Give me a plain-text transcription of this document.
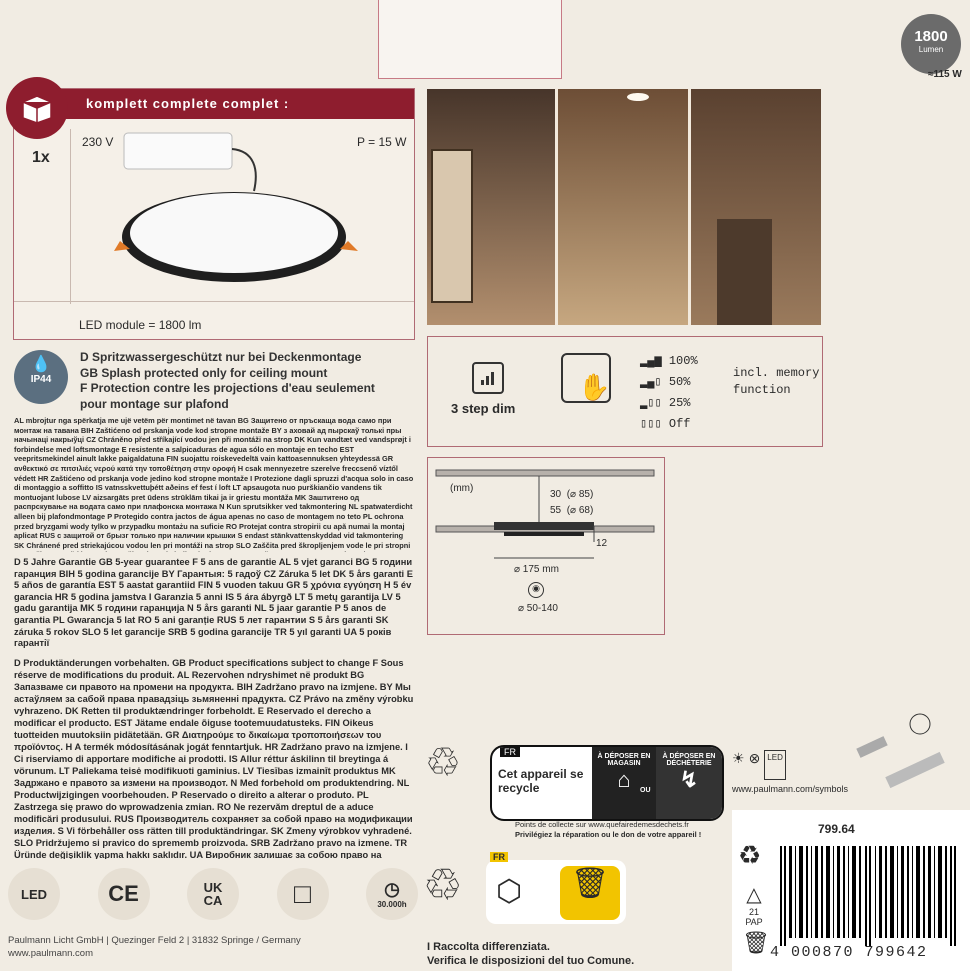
1800
Lumen
≈115 W
komplett complete complet :
1x
230 V	P = 15 W
LED module = 1800 lm
💧
IP44
D Spritzwassergeschützt nur bei Deckenmontage
GB Splash protected only for ceiling mount
F Protection contre les projections d'eau seulement
pour montage sur plafond
AL mbrojtur nga spërkatja me ujë vetëm për montimet në tavan BG Защитено от пръскаща вода само при монтаж на тавана BIH Zaštićeno od prskanja vode kod stropne montaže BY з аховай ад пырскаў толькі пры начынаці накрыўці CZ Chráněno před stříkající vodou jen při montáži na strop DK Kun vandtæt ved vandsprøjt i forbindelse med loftsmontage E resistente a salpicaduras de agua sólo en montaje en techo EST veepritsmekindel ainult lakke paigaldatuna FIN suojattu roiskevedeltä vain kattoasennuksen yhteydessä GR ανθεκτικό σε πιτσιλιές νερού κατά την τοποθέτηση στην οροφή H csak mennyezetre szerelve freccsenő víztől védett HR Zaštićeno od prskanja vode jedino kod stropne montaže I Protezione dagli spruzzi d'acqua solo in caso di montaggio a soffitto IS vatnsskvettuþétt aðeins ef fest í loft LT apsaugota nuo purškiančio vandens tik montuojant lubose LV aizsargāts pret ūdens strūklām tikai ja ir griestu montāža MK Заштитено од распрскување на водата само при плафонска монтажа N Kun sprutsikker ved takmontering NL spatwaterdicht alleen bij plafondmontage P Protegido contra jactos de água apenas no caso de montagem no teto PL ochrona przed bryzgami wody tylko w przypadku montażu na suficie RO Protejat contra stropirii cu apă numai la montaj aplicat RUS с защитой от брызг только при наличии крышки S endast stänkvattenskyddad vid takmontering SK Chránené pred striekajúcou vodou len pri montáži na strop SLO Zaščita pred škropljenjem vode le pri stropni
D 5 Jahre Garantie GB 5-year guarantee F 5 ans de garantie AL 5 vjet garanci BG 5 години гаранция BIH 5 godina garancije BY Гарантыя: 5 гадоў CZ Záruka 5 let DK 5 års garanti E 5 años de garantía EST 5 aastat garantiid FIN 5 vuoden takuu GR 5 χρόνια εγγύηση H 5 év garancia HR 5 godina jamstva I Garanzia 5 anni IS 5 ára ábyrgð LT 5 metų garantija LV 5 gadu garantija MK 5 години гаранција N 5 års garanti NL 5 jaar garantie P 5 anos de garantia PL Gwarancja 5 lat RO 5 ani garanție RUS 5 лет гарантии S 5 års garanti SK záruka 5 rokov SLO 5 let garancije SRB 5 godina garancije TR 5 yıl garanti UA 5 років гарантії
D Produktänderungen vorbehalten. GB Product specifications subject to change F Sous réserve de modifications du produit. AL Rezervohen ndryshimet në produkt BG Запазваме си правото на промени на продукта. BIH Zadržano pravo na izmjene. BY Мы астаўляем за сабой права правадзіць зьмяненні прадукта. CZ Právo na změny výrobku vyhrazeno. DK Retten til produktændringer forbeholdt. E Reservado el derecho a modificar el producto. EST Jätame endale õiguse tootemuudatusteks. FIN Oikeus tuotteiden muutoksiin pidätetään. GR Διατηρούμε το δικαίωμα τροποποιήσεων του προϊόντος. H A termék módosításának jogát fenntartjuk. HR Zadržano pravo na izmjene. I Ci riserviamo di apportare modifiche ai prodotti. IS Allur réttur áskilinn til breytinga á vörunum. LT Paliekama teisė modifikuoti gaminius. LV Tiesības izmainīt produktus MK Задржано е правото за измени на производот. N Med forbehold om produktendring. NL Productwijzigingen voorbehouden. P Reservado o direito a alterar o produto. PL Zastrzega się prawo do wprowadzenia zmian. RO Ne rezervăm dreptul de a aduce modificări produsului. RUS Производитель сохраняет за собой право на модификации изделия. S Vi förbehåller oss rätten till produktändringar. SK Zmeny výrobkov vyhradené. SLO Pridržujemo si pravico do sprememb proizvoda. SRB Zadržano pravo na izmene. TR Üründe değişiklik yapma hakkı saklıdır. UA Виробник залишає за собою право на
LED	CE	UK CA	□	◷
30.000h
Paulmann Licht GmbH | Quezinger Feld 2 | 31832 Springe / Germany
www.paulmann.com
3 step dim
✋
▂▄▆ 100%
▂▄▯ 50%
▂▯▯ 25%
▯▯▯ Off
incl. memory function
(mm)
30 (⌀ 85)
55 (⌀ 68)
12
⌀ 175 mm
◉
⌀ 50-140
♲	FR
Cet appareil se recycle
À DÉPOSER EN MAGASIN
⌂	OU
À DÉPOSER EN DÉCHÈTERIE
↯
Points de collecte sur www.quefairedemesdechets.fr
Privilégiez la réparation ou le don de votre appareil !
♲	⬡	🗑
FR
I Raccolta differenziata.
Verifica le disposizioni del tuo Comune.
☀ ⊗ LED
www.paulmann.com/symbols
799.64
♻
△
21
PAP
🗑 4 000870 799642
